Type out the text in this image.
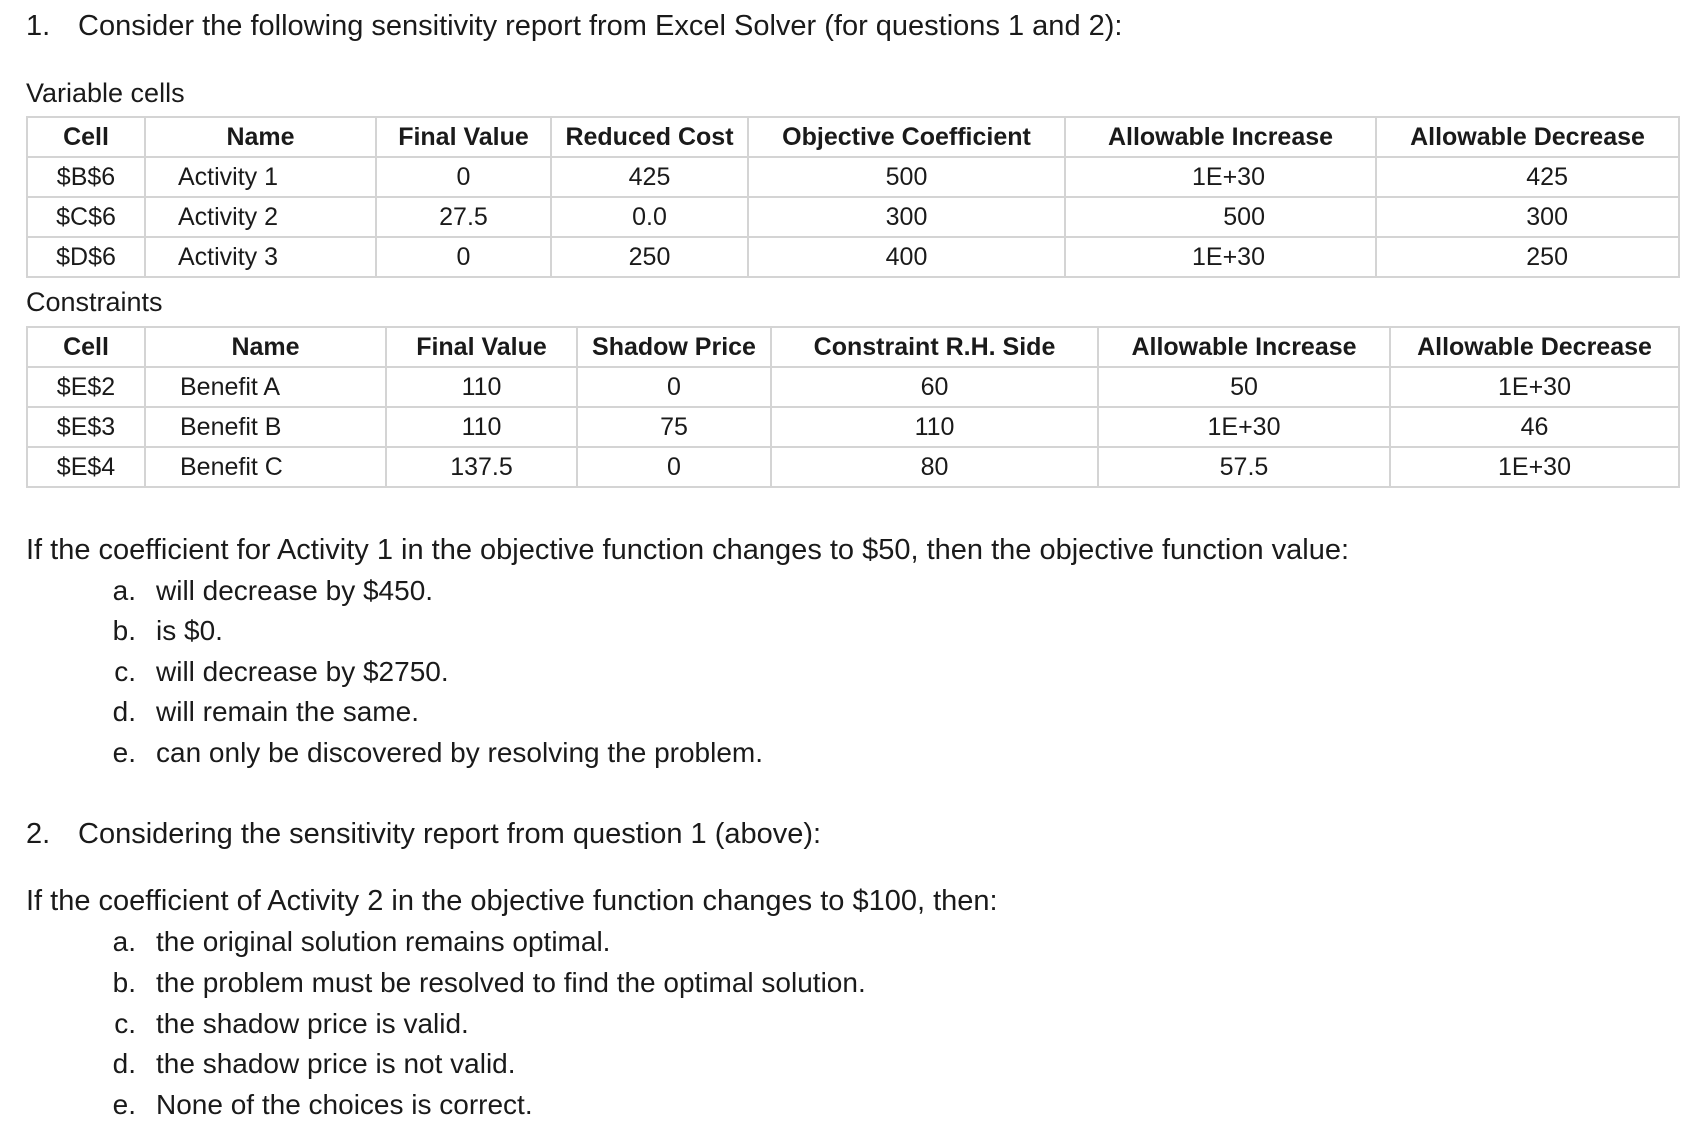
1. Consider the following sensitivity report from Excel Solver (for questions 1 and 2):
Variable cells
Cell	Name	Final Value	Reduced Cost	Objective Coefficient	Allowable Increase	Allowable Decrease
$B$6	Activity 1	0	425	500	1E+30	425
$C$6	Activity 2	27.5	0.0	300	500	300
$D$6	Activity 3	0	250	400	1E+30	250
Constraints
Cell	Name	Final Value	Shadow Price	Constraint R.H. Side	Allowable Increase	Allowable Decrease
$E$2	Benefit A	110	0	60	50	1E+30
$E$3	Benefit B	110	75	110	1E+30	46
$E$4	Benefit C	137.5	0	80	57.5	1E+30
If the coefficient for Activity 1 in the objective function changes to $50, then the objective function value:
a. will decrease by $450.
b. is $0.
c. will decrease by $2750.
d. will remain the same.
e. can only be discovered by resolving the problem.
2. Considering the sensitivity report from question 1 (above):
If the coefficient of Activity 2 in the objective function changes to $100, then:
a. the original solution remains optimal.
b. the problem must be resolved to find the optimal solution.
c. the shadow price is valid.
d. the shadow price is not valid.
e. None of the choices is correct.
